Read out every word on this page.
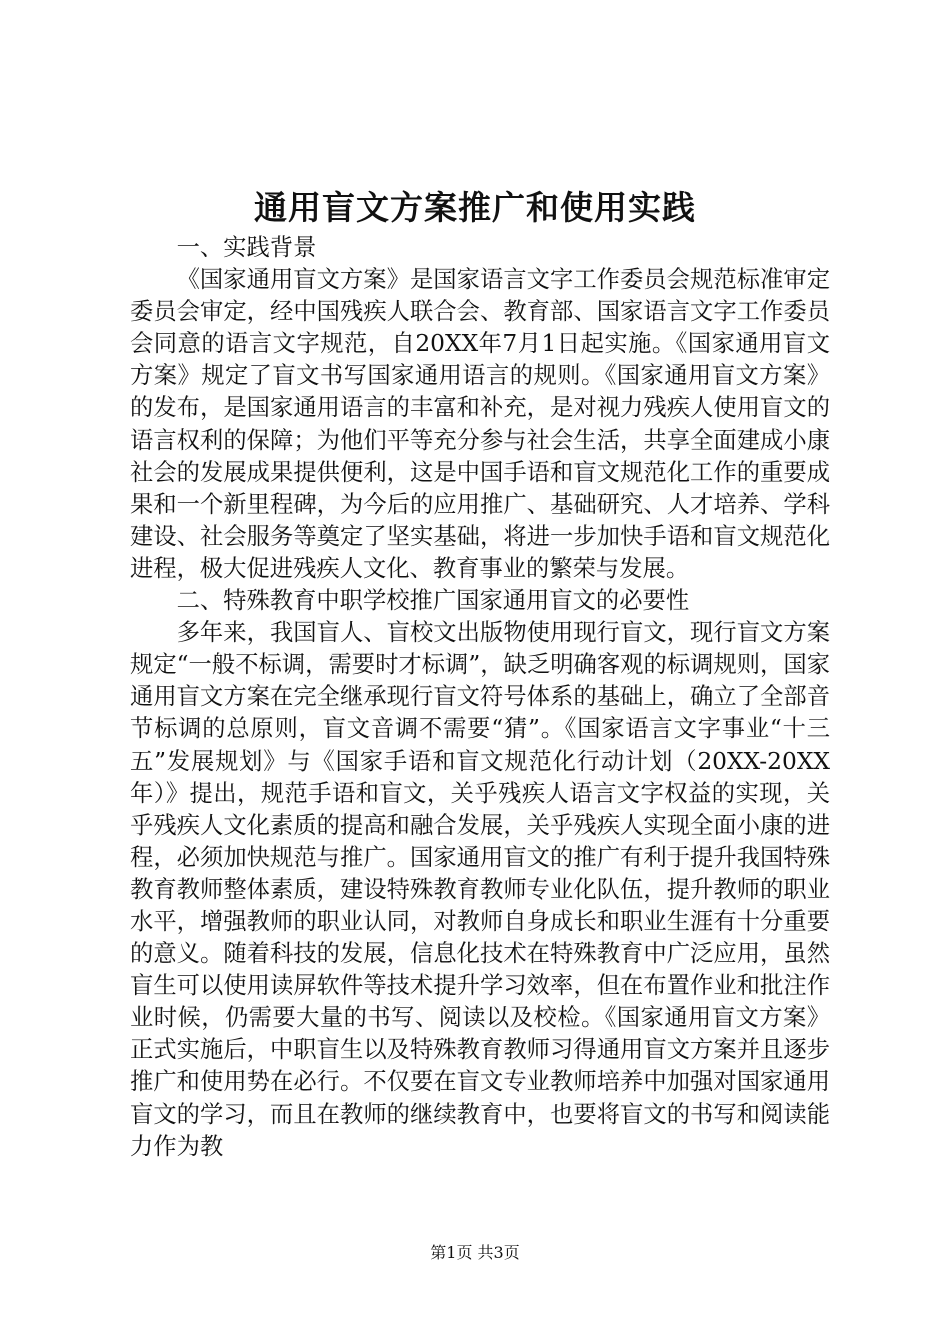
通用盲文方案推广和使用实践

一、实践背景

《国家通用盲文方案》是国家语言文字工作委员会规范标准审定委员会审定，经中国残疾人联合会、教育部、国家语言文字工作委员会同意的语言文字规范，自20XX年7月1日起实施。《国家通用盲文方案》规定了盲文书写国家通用语言的规则。《国家通用盲文方案》的发布，是国家通用语言的丰富和补充，是对视力残疾人使用盲文的语言权利的保障；为他们平等充分参与社会生活，共享全面建成小康社会的发展成果提供便利，这是中国手语和盲文规范化工作的重要成果和一个新里程碑，为今后的应用推广、基础研究、人才培养、学科建设、社会服务等奠定了坚实基础，将进一步加快手语和盲文规范化进程，极大促进残疾人文化、教育事业的繁荣与发展。

二、特殊教育中职学校推广国家通用盲文的必要性

多年来，我国盲人、盲校文出版物使用现行盲文，现行盲文方案规定“一般不标调，需要时才标调”，缺乏明确客观的标调规则，国家通用盲文方案在完全继承现行盲文符号体系的基础上，确立了全部音节标调的总原则，盲文音调不需要“猜”。《国家语言文字事业“十三五”发展规划》与《国家手语和盲文规范化行动计划（20XX-20XX年）》提出，规范手语和盲文，关乎残疾人语言文字权益的实现，关乎残疾人文化素质的提高和融合发展，关乎残疾人实现全面小康的进程，必须加快规范与推广。国家通用盲文的推广有利于提升我国特殊教育教师整体素质，建设特殊教育教师专业化队伍，提升教师的职业水平，增强教师的职业认同，对教师自身成长和职业生涯有十分重要的意义。随着科技的发展，信息化技术在特殊教育中广泛应用，虽然盲生可以使用读屏软件等技术提升学习效率，但在布置作业和批注作业时候，仍需要大量的书写、阅读以及校检。《国家通用盲文方案》正式实施后，中职盲生以及特殊教育教师习得通用盲文方案并且逐步推广和使用势在必行。不仅要在盲文专业教师培养中加强对国家通用盲文的学习，而且在教师的继续教育中，也要将盲文的书写和阅读能力作为教

第1页 共3页
